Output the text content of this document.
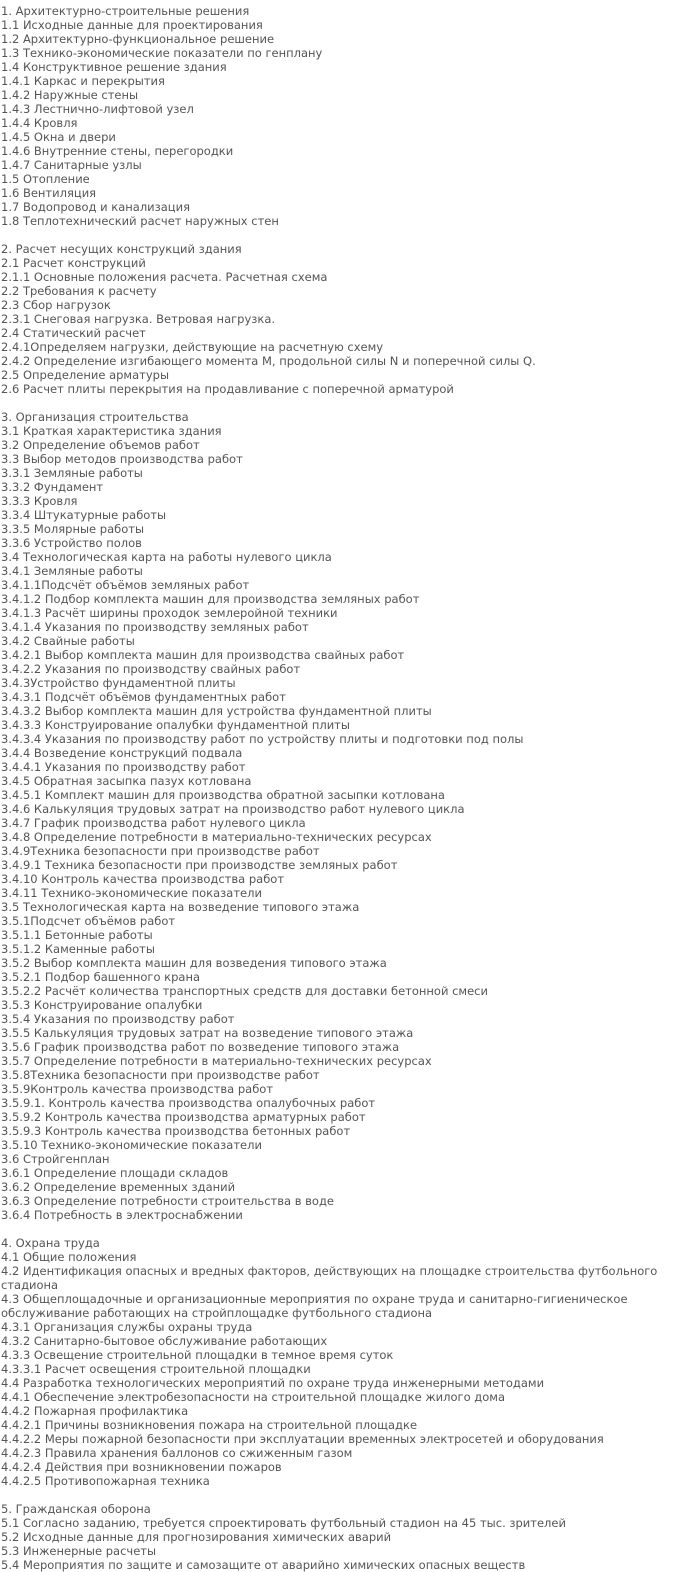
1. Архитектурно-строительные решения
1.1 Исходные данные для проектирования
1.2 Архитектурно-функциональное решение
1.3 Технико-экономические показатели по генплану
1.4 Конструктивное решение здания
1.4.1 Каркас и перекрытия
1.4.2 Наружные стены
1.4.3 Лестнично-лифтовой узел
1.4.4 Кровля
1.4.5 Окна и двери
1.4.6 Внутренние стены, перегородки
1.4.7 Санитарные узлы
1.5 Отопление
1.6 Вентиляция
1.7 Водопровод и канализация
1.8 Теплотехнический расчет наружных стен
2. Расчет несущих конструкций здания
2.1 Расчет конструкций
2.1.1 Основные положения расчета. Расчетная схема
2.2 Требования к расчету
2.3 Сбор нагрузок
2.3.1 Снеговая нагрузка. Ветровая нагрузка.
2.4 Статический расчет
2.4.1Определяем нагрузки, действующие на расчетную схему
2.4.2 Определение изгибающего момента М, продольной силы N и поперечной силы Q.
2.5 Определение арматуры
2.6 Расчет плиты перекрытия на продавливание с поперечной арматурой
3. Организация строительства
3.1 Краткая характеристика здания
3.2 Определение объемов работ
3.3 Выбор методов производства работ
3.3.1 Земляные работы
3.3.2 Фундамент
3.3.3 Кровля
3.3.4 Штукатурные работы
3.3.5 Молярные работы
3.3.6 Устройство полов
3.4 Технологическая карта на работы нулевого цикла
3.4.1 Земляные работы
3.4.1.1Подсчёт объёмов земляных работ
3.4.1.2 Подбор комплекта машин для производства земляных работ
3.4.1.3 Расчёт ширины проходок землеройной техники
3.4.1.4 Указания по производству земляных работ
3.4.2 Свайные работы
3.4.2.1 Выбор комплекта машин для производства свайных работ
3.4.2.2 Указания по производству свайных работ
3.4.3Устройство фундаментной плиты
3.4.3.1 Подсчёт объёмов фундаментных работ
3.4.3.2 Выбор комплекта машин для устройства фундаментной плиты
3.4.3.3 Конструирование опалубки фундаментной плиты
3.4.3.4 Указания по производству работ по устройству плиты и подготовки под полы
3.4.4 Возведение конструкций подвала
3.4.4.1 Указания по производству работ
3.4.5 Обратная засыпка пазух котлована
3.4.5.1 Комплект машин для производства обратной засыпки котлована
3.4.6 Калькуляция трудовых затрат на производство работ нулевого цикла
3.4.7 График производства работ нулевого цикла
3.4.8 Определение потребности в материально-технических ресурсах
3.4.9Техника безопасности при производстве работ
3.4.9.1 Техника безопасности при производстве земляных работ
3.4.10 Контроль качества производства работ
3.4.11 Технико-экономические показатели
3.5 Технологическая карта на возведение типового этажа
3.5.1Подсчет объёмов работ
3.5.1.1 Бетонные работы
3.5.1.2 Каменные работы
3.5.2 Выбор комплекта машин для возведения типового этажа
3.5.2.1 Подбор башенного крана
3.5.2.2 Расчёт количества транспортных средств для доставки бетонной смеси
3.5.3 Конструирование опалубки
3.5.4 Указания по производству работ
3.5.5 Калькуляция трудовых затрат на возведение типового этажа
3.5.6 График производства работ по возведение типового этажа
3.5.7 Определение потребности в материально-технических ресурсах
3.5.8Техника безопасности при производстве работ
3.5.9Контроль качества производства работ
3.5.9.1. Контроль качества производства опалубочных работ
3.5.9.2 Контроль качества производства арматурных работ
3.5.9.3 Контроль качества производства бетонных работ
3.5.10 Технико-экономические показатели
3.6 Стройгенплан
3.6.1 Определение площади складов
3.6.2 Определение временных зданий
3.6.3 Определение потребности строительства в воде
3.6.4 Потребность в электроснабжении
4. Охрана труда
4.1 Общие положения
4.2 Идентификация опасных и вредных факторов, действующих на площадке строительства футбольного стадиона
4.3 Общеплощадочные и организационные мероприятия по охране труда и санитарно-гигиеническое обслуживание работающих на стройплощадке футбольного стадиона
4.3.1 Организация службы охраны труда
4.3.2 Санитарно-бытовое обслуживание работающих
4.3.3 Освещение строительной площадки в темное время суток
4.3.3.1 Расчет освещения строительной площадки
4.4 Разработка технологических мероприятий по охране труда инженерными методами
4.4.1 Обеспечение электробезопасности на строительной площадке жилого дома
4.4.2 Пожарная профилактика
4.4.2.1 Причины возникновения пожара на строительной площадке
4.4.2.2 Меры пожарной безопасности при эксплуатации временных электросетей и оборудования
4.4.2.3 Правила хранения баллонов со сжиженным газом
4.4.2.4 Действия при возникновении пожаров
4.4.2.5 Противопожарная техника
5. Гражданская оборона
5.1 Согласно заданию, требуется спроектировать футбольный стадион на 45 тыс. зрителей
5.2 Исходные данные для прогнозирования химических аварий
5.3 Инженерные расчеты
5.4 Мероприятия по защите и самозащите от аварийно химических опасных веществ
